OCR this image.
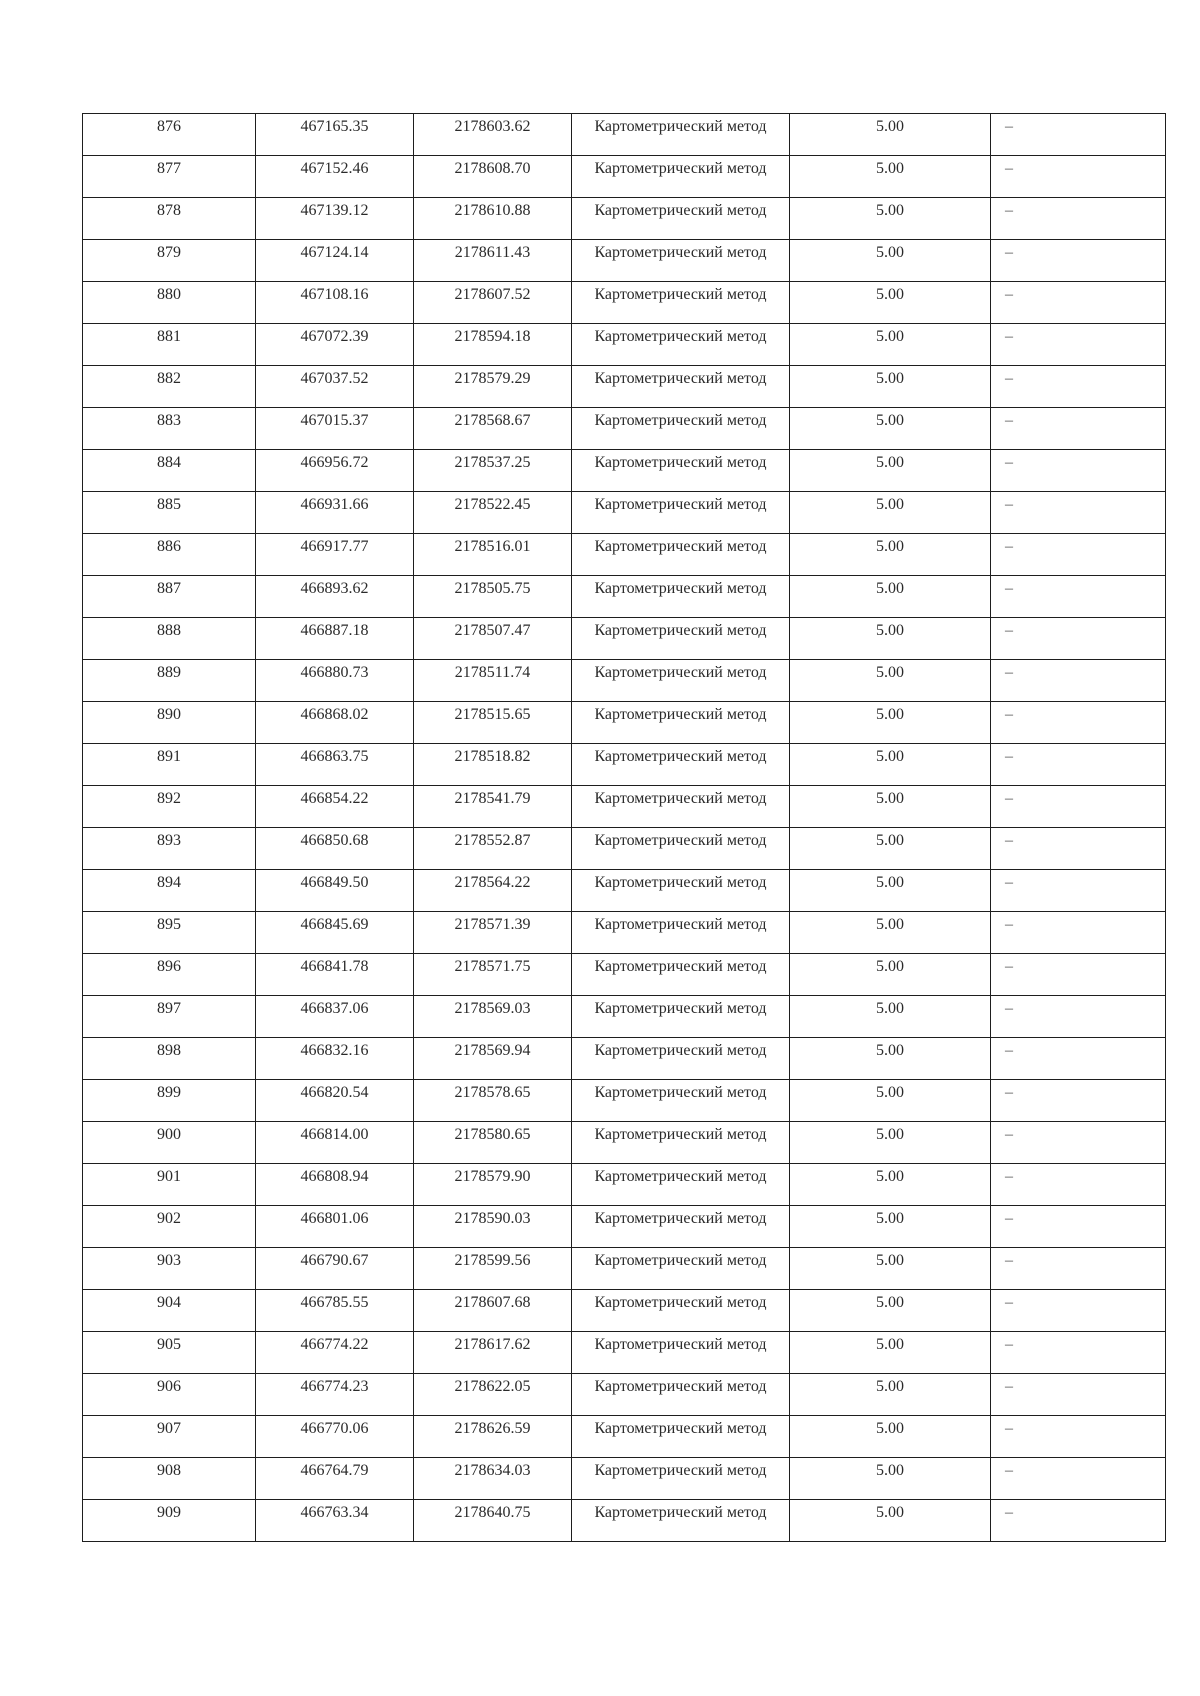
876	467165.35	2178603.62	Картометрический метод	5.00	–
877	467152.46	2178608.70	Картометрический метод	5.00	–
878	467139.12	2178610.88	Картометрический метод	5.00	–
879	467124.14	2178611.43	Картометрический метод	5.00	–
880	467108.16	2178607.52	Картометрический метод	5.00	–
881	467072.39	2178594.18	Картометрический метод	5.00	–
882	467037.52	2178579.29	Картометрический метод	5.00	–
883	467015.37	2178568.67	Картометрический метод	5.00	–
884	466956.72	2178537.25	Картометрический метод	5.00	–
885	466931.66	2178522.45	Картометрический метод	5.00	–
886	466917.77	2178516.01	Картометрический метод	5.00	–
887	466893.62	2178505.75	Картометрический метод	5.00	–
888	466887.18	2178507.47	Картометрический метод	5.00	–
889	466880.73	2178511.74	Картометрический метод	5.00	–
890	466868.02	2178515.65	Картометрический метод	5.00	–
891	466863.75	2178518.82	Картометрический метод	5.00	–
892	466854.22	2178541.79	Картометрический метод	5.00	–
893	466850.68	2178552.87	Картометрический метод	5.00	–
894	466849.50	2178564.22	Картометрический метод	5.00	–
895	466845.69	2178571.39	Картометрический метод	5.00	–
896	466841.78	2178571.75	Картометрический метод	5.00	–
897	466837.06	2178569.03	Картометрический метод	5.00	–
898	466832.16	2178569.94	Картометрический метод	5.00	–
899	466820.54	2178578.65	Картометрический метод	5.00	–
900	466814.00	2178580.65	Картометрический метод	5.00	–
901	466808.94	2178579.90	Картометрический метод	5.00	–
902	466801.06	2178590.03	Картометрический метод	5.00	–
903	466790.67	2178599.56	Картометрический метод	5.00	–
904	466785.55	2178607.68	Картометрический метод	5.00	–
905	466774.22	2178617.62	Картометрический метод	5.00	–
906	466774.23	2178622.05	Картометрический метод	5.00	–
907	466770.06	2178626.59	Картометрический метод	5.00	–
908	466764.79	2178634.03	Картометрический метод	5.00	–
909	466763.34	2178640.75	Картометрический метод	5.00	–
